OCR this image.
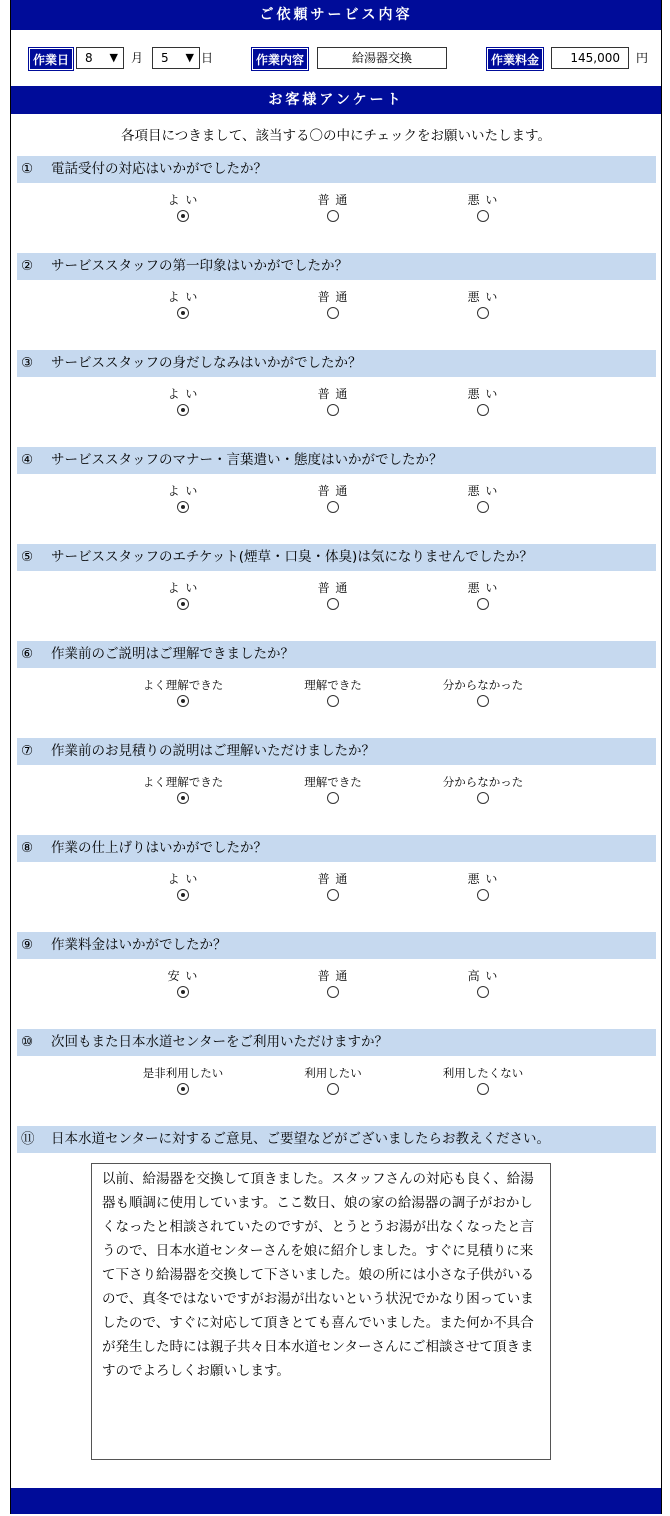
ご依頼サービス内容
作業日	8 ▼ 月	5 ▼ 日	作業内容	給湯器交換	作業料金	145,000	円
お客様アンケート
各項目につきまして、該当する〇の中にチェックをお願いいたします。
① 電話受付の対応はいかがでしたか？
よ い	普 通	悪 い
② サービススタッフの第一印象はいかがでしたか？
よ い	普 通	悪 い
③ サービススタッフの身だしなみはいかがでしたか？
よ い	普 通	悪 い
④ サービススタッフのマナー・言葉遣い・態度はいかがでしたか？
よ い	普 通	悪 い
⑤ サービススタッフのエチケット(煙草・口臭・体臭)は気になりませんでしたか？
よ い	普 通	悪 い
⑥ 作業前のご説明はご理解できましたか？
よく理解できた	理解できた	分からなかった
⑦ 作業前のお見積りの説明はご理解いただけましたか？
よく理解できた	理解できた	分からなかった
⑧ 作業の仕上げりはいかがでしたか？
よ い	普 通	悪 い
⑨ 作業料金はいかがでしたか？
安 い	普 通	高 い
⑩ 次回もまた日本水道センターをご利用いただけますか？
是非利用したい	利用したい	利用したくない
⑪ 日本水道センターに対するご意見、ご要望などがございましたらお教えください。
以前、給湯器を交換して頂きました。スタッフさんの対応も良く、給湯器も順調に使用しています。ここ数日、娘の家の給湯器の調子がおかしくなったと相談されていたのですが、とうとうお湯が出なくなったと言うので、日本水道センターさんを娘に紹介しました。すぐに見積りに来て下さり給湯器を交換して下さいました。娘の所には小さな子供がいるので、真冬ではないですがお湯が出ないという状況でかなり困っていましたので、すぐに対応して頂きとても喜んでいました。また何か不具合が発生した時には親子共々日本水道センターさんにご相談させて頂きますのでよろしくお願いします。
